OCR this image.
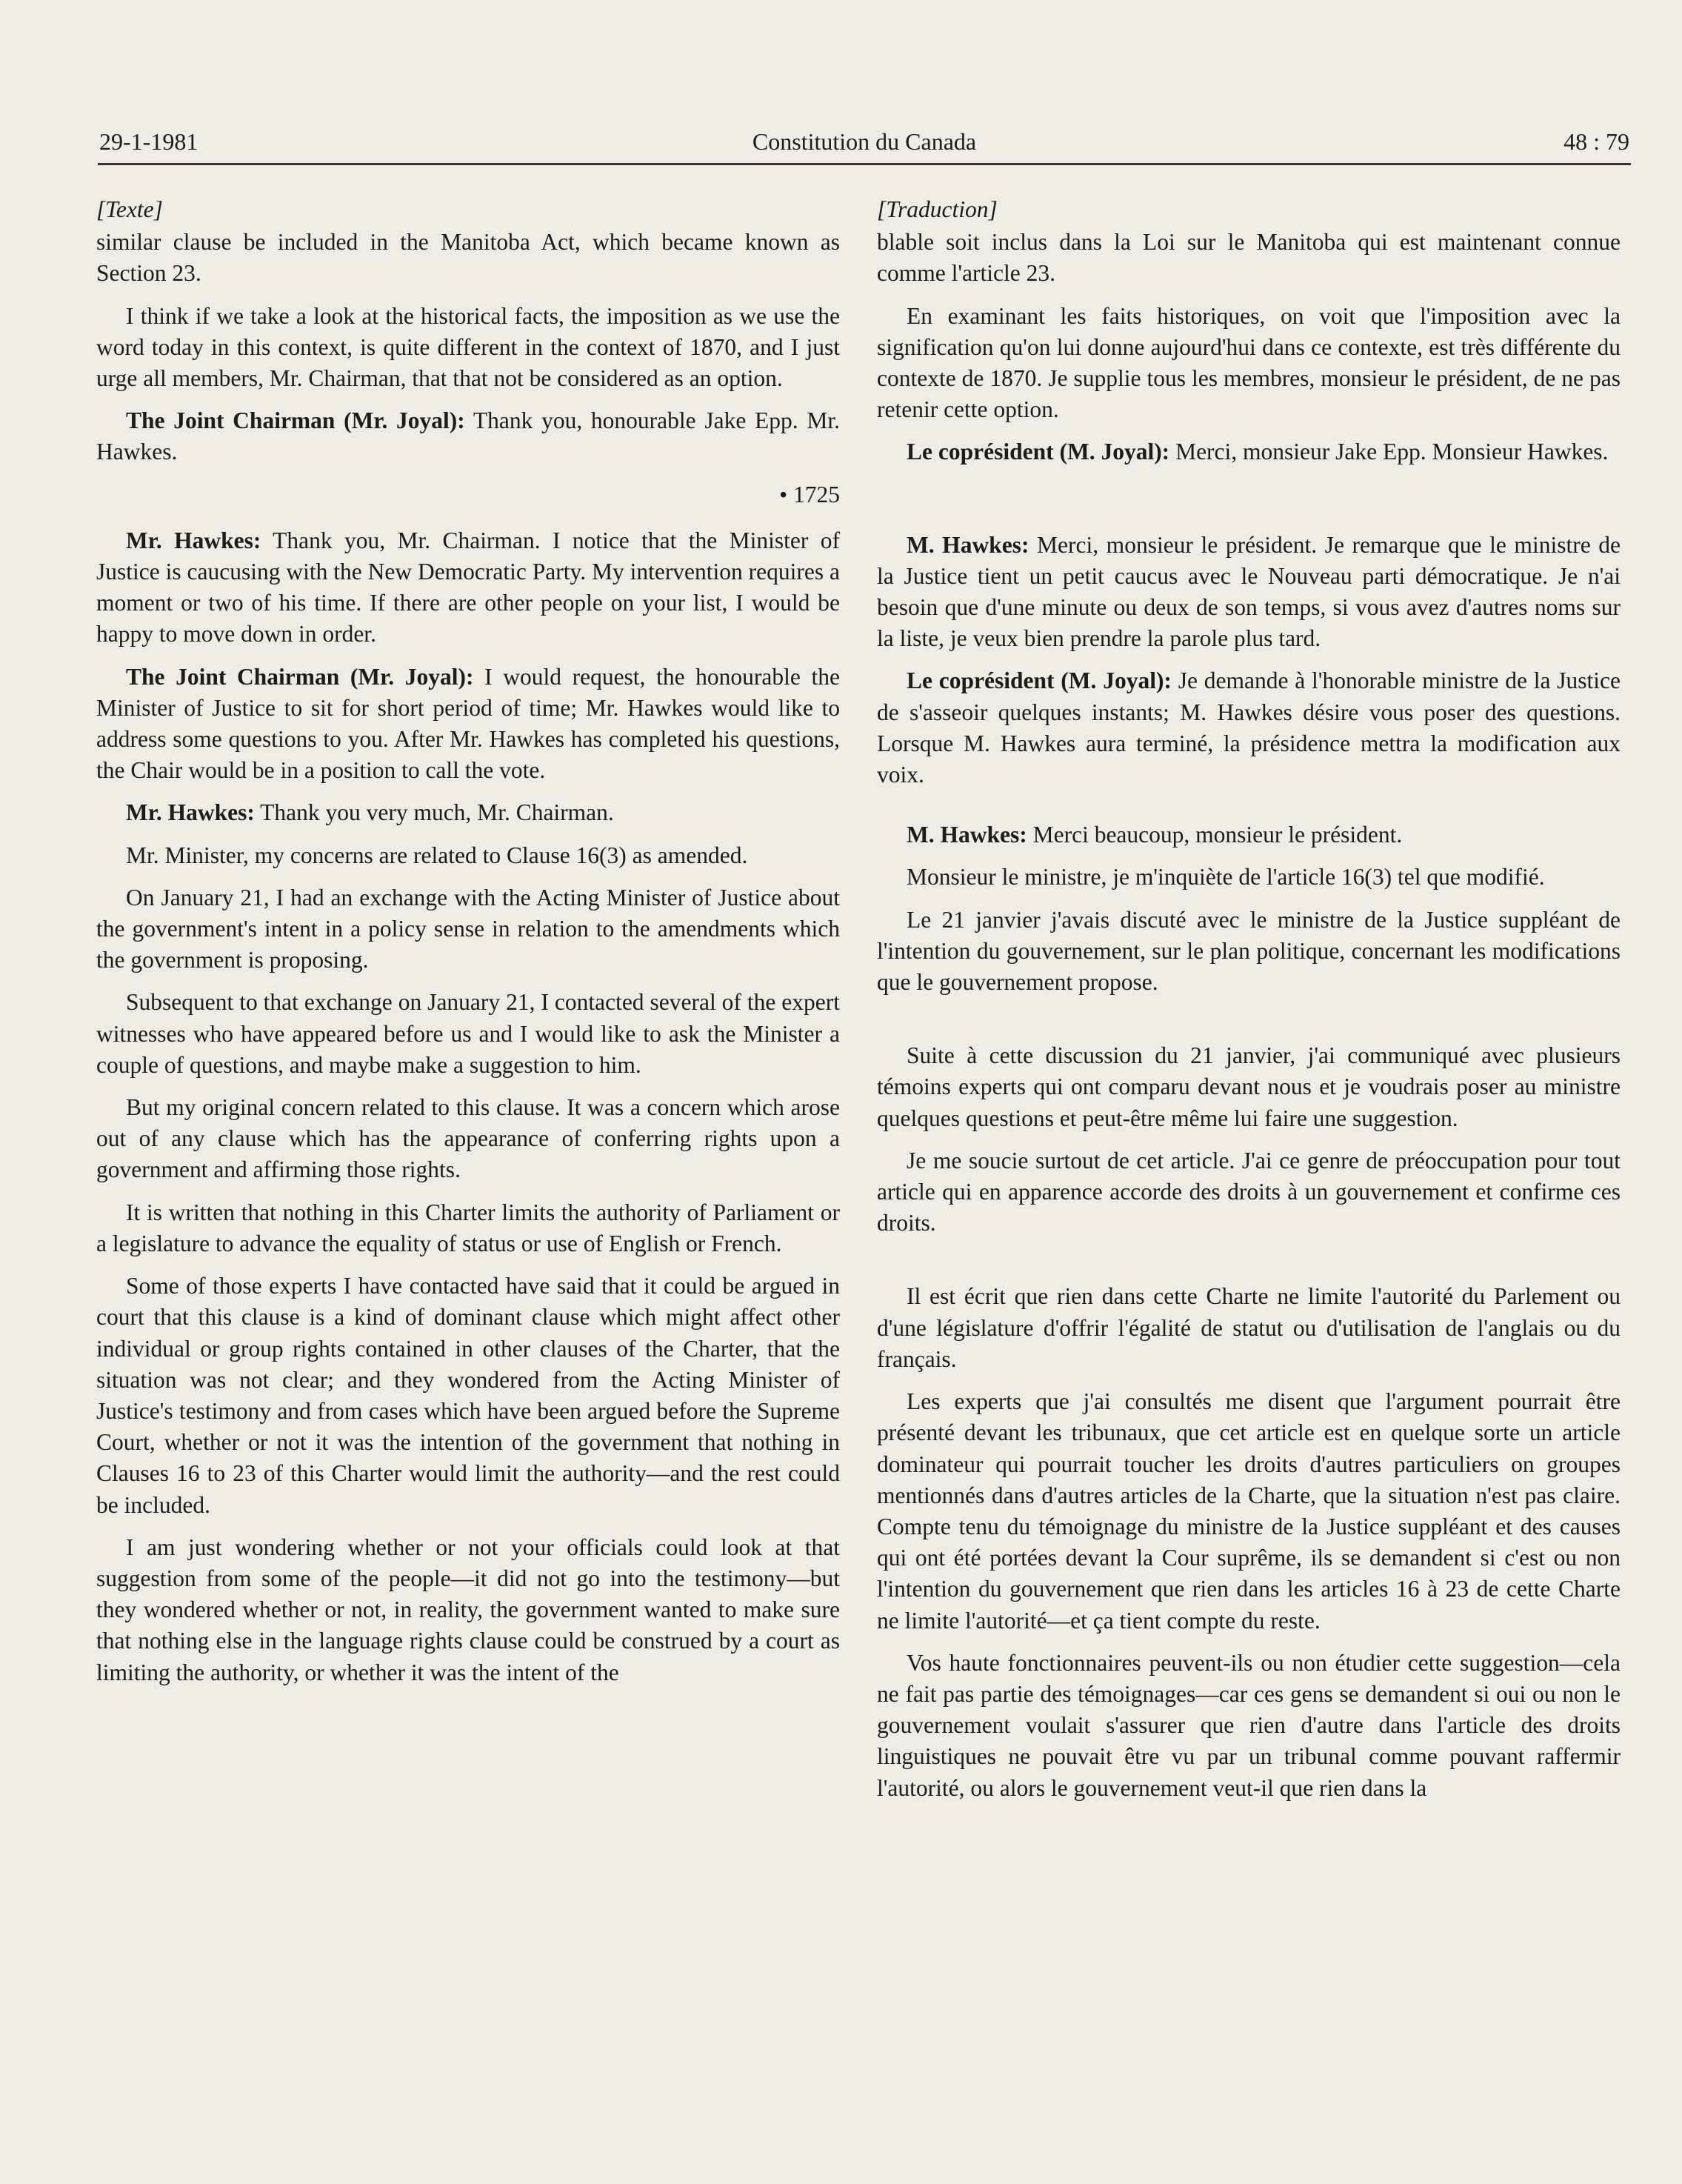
29-1-1981	Constitution du Canada	48 : 79

[Texte]

similar clause be included in the Manitoba Act, which became known as Section 23.

I think if we take a look at the historical facts, the imposition as we use the word today in this context, is quite different in the context of 1870, and I just urge all members, Mr. Chairman, that that not be considered as an option.

The Joint Chairman (Mr. Joyal): Thank you, honourable Jake Epp. Mr. Hawkes.

• 1725

Mr. Hawkes: Thank you, Mr. Chairman. I notice that the Minister of Justice is caucusing with the New Democratic Party. My intervention requires a moment or two of his time. If there are other people on your list, I would be happy to move down in order.

The Joint Chairman (Mr. Joyal): I would request, the honourable the Minister of Justice to sit for short period of time; Mr. Hawkes would like to address some questions to you. After Mr. Hawkes has completed his questions, the Chair would be in a position to call the vote.

Mr. Hawkes: Thank you very much, Mr. Chairman.

Mr. Minister, my concerns are related to Clause 16(3) as amended.

On January 21, I had an exchange with the Acting Minister of Justice about the government's intent in a policy sense in relation to the amendments which the government is proposing.

Subsequent to that exchange on January 21, I contacted several of the expert witnesses who have appeared before us and I would like to ask the Minister a couple of questions, and maybe make a suggestion to him.

But my original concern related to this clause. It was a concern which arose out of any clause which has the appearance of conferring rights upon a government and affirming those rights.

It is written that nothing in this Charter limits the authority of Parliament or a legislature to advance the equality of status or use of English or French.

Some of those experts I have contacted have said that it could be argued in court that this clause is a kind of dominant clause which might affect other individual or group rights contained in other clauses of the Charter, that the situation was not clear; and they wondered from the Acting Minister of Justice's testimony and from cases which have been argued before the Supreme Court, whether or not it was the intention of the government that nothing in Clauses 16 to 23 of this Charter would limit the authority—and the rest could be included.

I am just wondering whether or not your officials could look at that suggestion from some of the people—it did not go into the testimony—but they wondered whether or not, in reality, the government wanted to make sure that nothing else in the language rights clause could be construed by a court as limiting the authority, or whether it was the intent of the

[Traduction]

blable soit inclus dans la Loi sur le Manitoba qui est maintenant connue comme l'article 23.

En examinant les faits historiques, on voit que l'imposition avec la signification qu'on lui donne aujourd'hui dans ce contexte, est très différente du contexte de 1870. Je supplie tous les membres, monsieur le président, de ne pas retenir cette option.

Le coprésident (M. Joyal): Merci, monsieur Jake Epp. Monsieur Hawkes.

M. Hawkes: Merci, monsieur le président. Je remarque que le ministre de la Justice tient un petit caucus avec le Nouveau parti démocratique. Je n'ai besoin que d'une minute ou deux de son temps, si vous avez d'autres noms sur la liste, je veux bien prendre la parole plus tard.

Le coprésident (M. Joyal): Je demande à l'honorable ministre de la Justice de s'asseoir quelques instants; M. Hawkes désire vous poser des questions. Lorsque M. Hawkes aura terminé, la présidence mettra la modification aux voix.

M. Hawkes: Merci beaucoup, monsieur le président.

Monsieur le ministre, je m'inquiète de l'article 16(3) tel que modifié.

Le 21 janvier j'avais discuté avec le ministre de la Justice suppléant de l'intention du gouvernement, sur le plan politique, concernant les modifications que le gouvernement propose.

Suite à cette discussion du 21 janvier, j'ai communiqué avec plusieurs témoins experts qui ont comparu devant nous et je voudrais poser au ministre quelques questions et peut-être même lui faire une suggestion.

Je me soucie surtout de cet article. J'ai ce genre de préoccupation pour tout article qui en apparence accorde des droits à un gouvernement et confirme ces droits.

Il est écrit que rien dans cette Charte ne limite l'autorité du Parlement ou d'une législature d'offrir l'égalité de statut ou d'utilisation de l'anglais ou du français.

Les experts que j'ai consultés me disent que l'argument pourrait être présenté devant les tribunaux, que cet article est en quelque sorte un article dominateur qui pourrait toucher les droits d'autres particuliers on groupes mentionnés dans d'autres articles de la Charte, que la situation n'est pas claire. Compte tenu du témoignage du ministre de la Justice suppléant et des causes qui ont été portées devant la Cour suprême, ils se demandent si c'est ou non l'intention du gouvernement que rien dans les articles 16 à 23 de cette Charte ne limite l'autorité—et ça tient compte du reste.

Vos haute fonctionnaires peuvent-ils ou non étudier cette suggestion—cela ne fait pas partie des témoignages—car ces gens se demandent si oui ou non le gouvernement voulait s'assurer que rien d'autre dans l'article des droits linguistiques ne pouvait être vu par un tribunal comme pouvant raffermir l'autorité, ou alors le gouvernement veut-il que rien dans la
